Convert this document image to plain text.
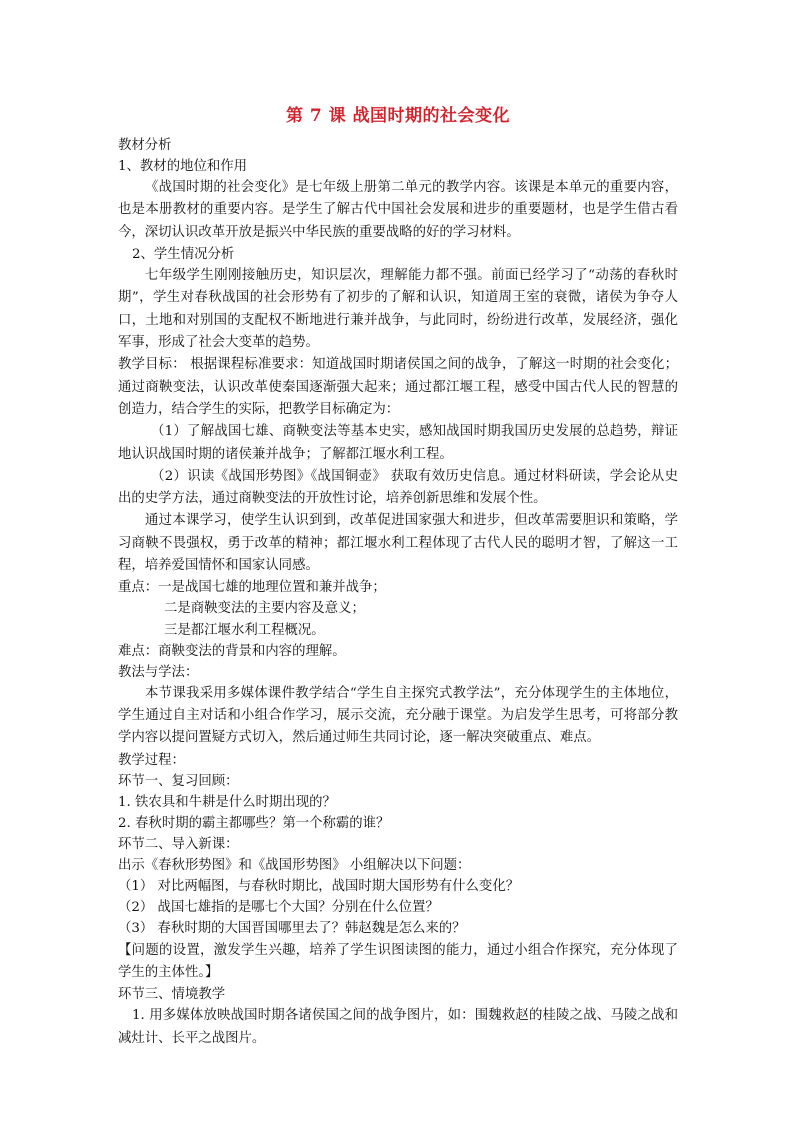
第 7 课 战国时期的社会变化

教材分析

1、教材的地位和作用

《战国时期的社会变化》是七年级上册第二单元的教学内容。该课是本单元的重要内容，也是本册教材的重要内容。是学生了解古代中国社会发展和进步的重要题材，也是学生借古看今，深切认识改革开放是振兴中华民族的重要战略的好的学习材料。

2、学生情况分析

七年级学生刚刚接触历史，知识层次，理解能力都不强。前面已经学习了“动荡的春秋时期”，学生对春秋战国的社会形势有了初步的了解和认识，知道周王室的衰微，诸侯为争夺人口，土地和对别国的支配权不断地进行兼并战争，与此同时，纷纷进行改革，发展经济，强化军事，形成了社会大变革的趋势。

教学目标： 根据课程标准要求：知道战国时期诸侯国之间的战争，了解这一时期的社会变化；通过商鞅变法，认识改革使秦国逐渐强大起来；通过都江堰工程，感受中国古代人民的智慧的创造力，结合学生的实际，把教学目标确定为：

（1）了解战国七雄、商鞅变法等基本史实，感知战国时期我国历史发展的总趋势，辩证地认识战国时期的诸侯兼并战争；了解都江堰水利工程。

（2）识读《战国形势图》《战国铜壶》 获取有效历史信息。通过材料研读，学会论从史出的史学方法，通过商鞅变法的开放性讨论，培养创新思维和发展个性。

通过本课学习，使学生认识到到，改革促进国家强大和进步，但改革需要胆识和策略，学习商鞅不畏强权，勇于改革的精神；都江堰水利工程体现了古代人民的聪明才智，了解这一工程，培养爱国情怀和国家认同感。

重点：一是战国七雄的地理位置和兼并战争；

二是商鞅变法的主要内容及意义；

三是都江堰水利工程概况。

难点：商鞅变法的背景和内容的理解。

教法与学法：

本节课我采用多媒体课件教学结合“学生自主探究式教学法”，充分体现学生的主体地位，学生通过自主对话和小组合作学习，展示交流，充分融于课堂。为启发学生思考，可将部分教学内容以提问置疑方式切入，然后通过师生共同讨论，逐一解决突破重点、难点。

教学过程：

环节一、复习回顾：

1. 铁农具和牛耕是什么时期出现的？

2. 春秋时期的霸主都哪些？第一个称霸的谁？

环节二、导入新课：

出示《春秋形势图》和《战国形势图》 小组解决以下问题：

（1） 对比两幅图，与春秋时期比，战国时期大国形势有什么变化？

（2） 战国七雄指的是哪七个大国？分别在什么位置？

（3） 春秋时期的大国晋国哪里去了？韩赵魏是怎么来的？

【问题的设置，激发学生兴趣，培养了学生识图读图的能力，通过小组合作探究，充分体现了学生的主体性。】

环节三、情境教学

1. 用多媒体放映战国时期各诸侯国之间的战争图片，如：围魏救赵的桂陵之战、马陵之战和减灶计、长平之战图片。
